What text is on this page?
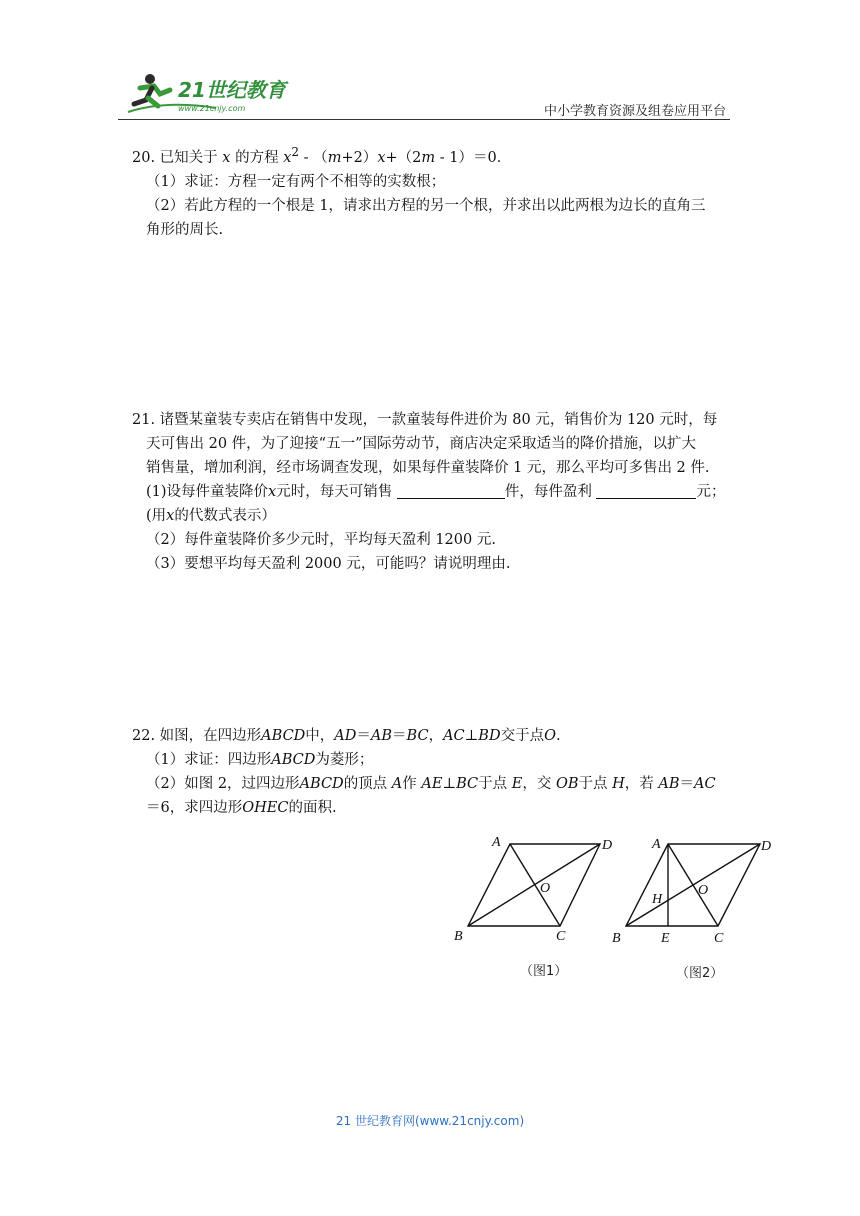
21世纪教育
www.21cnjy.com	中小学教育资源及组卷应用平台

20. 已知关于 x 的方程 $x^2 - (m+2)x+(2m - 1)=0$．

（1）求证：方程一定有两个不相等的实数根；

（2）若此方程的一个根是 1，请求出方程的另一个根，并求出以此两根为边长的直角三

角形的周长.

21. 诸暨某童装专卖店在销售中发现，一款童装每件进价为 80 元，销售价为 120 元时，每

天可售出 20 件，为了迎接“五一”国际劳动节，商店决定采取适当的降价措施，以扩大

销售量，增加利润，经市场调查发现，如果每件童装降价 1 元，那么平均可多售出 2 件.

(1)设每件童装降价x元时，每天可销售	件，每件盈利	元；

(用x的代数式表示）

（2）每件童装降价多少元时，平均每天盈利 1200 元.

（3）要想平均每天盈利 2000 元，可能吗？请说明理由.

22. 如图，在四边形ABCD中，AD＝AB＝BC，AC⊥BD交于点O.

（1）求证：四边形ABCD为菱形；

（2）如图 2，过四边形ABCD的顶点 A作 AE⊥BC于点 E，交 OB于点 H，若 AB＝AC

＝6，求四边形OHEC的面积.

A	D
O
B	C
（图1）
A	D
H
O
B	E	C
（图2）
21 世纪教育网(www.21cnjy.com)
